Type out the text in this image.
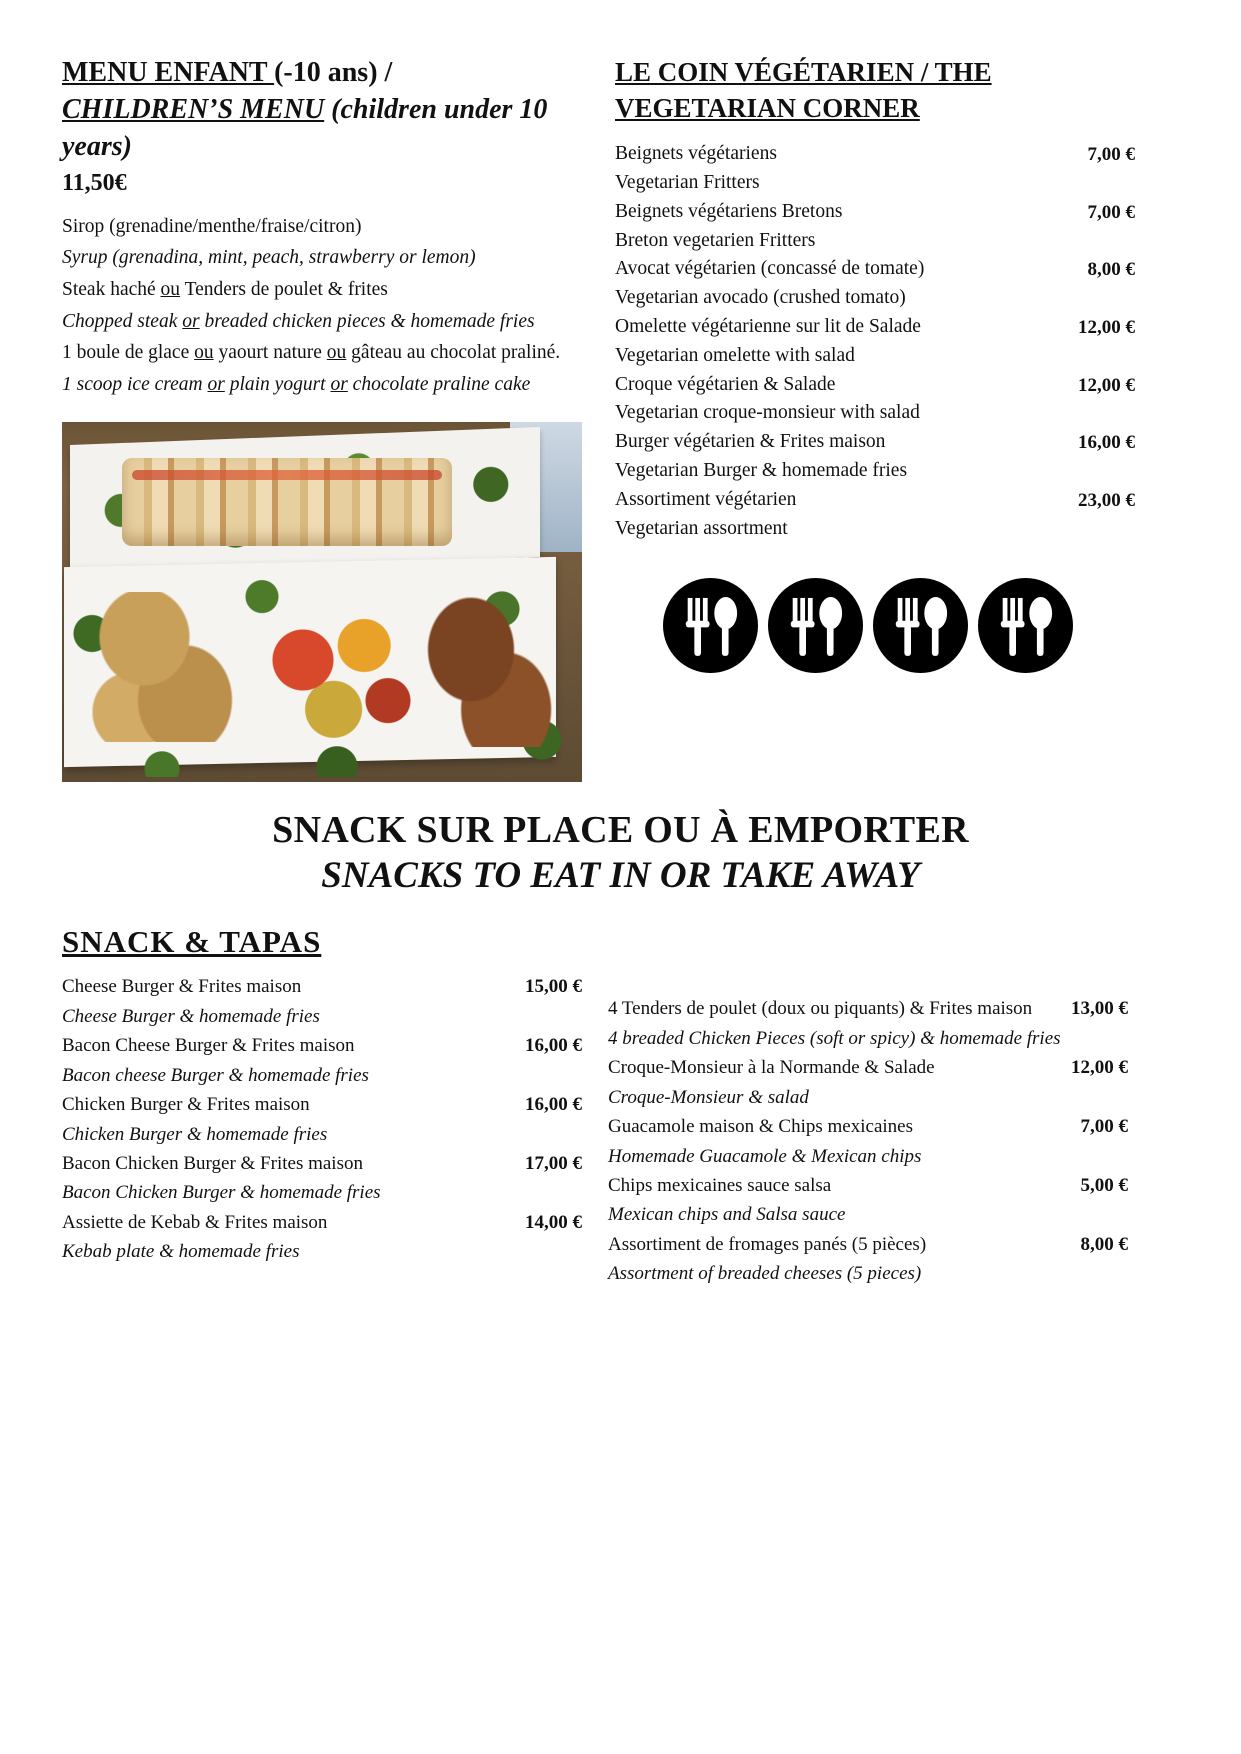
MENU ENFANT (-10 ans) /
CHILDREN’S MENU (children under 10 years)
11,50€

Sirop (grenadine/menthe/fraise/citron)

Syrup (grenadina, mint, peach, strawberry or lemon)

Steak haché ou Tenders de poulet & frites

Chopped steak or breaded chicken pieces & homemade fries

1 boule de glace ou yaourt nature ou gâteau au chocolat praliné.

1 scoop ice cream or plain yogurt or chocolate praline cake

LE COIN VÉGÉTARIEN / THE VEGETARIAN CORNER
Beignets végétariens	7,00 €
Vegetarian Fritters
Beignets végétariens Bretons	7,00 €
Breton vegetarien Fritters
Avocat végétarien (concassé de tomate)	8,00 €
Vegetarian avocado (crushed tomato)
Omelette végétarienne sur lit de Salade	12,00 €
Vegetarian omelette with salad
Croque végétarien & Salade	12,00 €
Vegetarian croque-monsieur with salad
Burger végétarien & Frites maison	16,00 €
Vegetarian Burger & homemade fries
Assortiment végétarien	23,00 €
Vegetarian assortment
SNACK SUR PLACE OU À EMPORTER
SNACKS TO EAT IN OR TAKE AWAY
SNACK & TAPAS
Cheese Burger & Frites maison	15,00 €
Cheese Burger & homemade fries
Bacon Cheese Burger & Frites maison	16,00 €
Bacon cheese Burger & homemade fries
Chicken Burger & Frites maison	16,00 €
Chicken Burger & homemade fries
Bacon Chicken Burger & Frites maison	17,00 €
Bacon Chicken Burger & homemade fries
Assiette de Kebab & Frites maison	14,00 €
Kebab plate & homemade fries
4 Tenders de poulet (doux ou piquants) & Frites maison	13,00 €
4 breaded Chicken Pieces (soft or spicy) & homemade fries
Croque-Monsieur à la Normande & Salade	12,00 €
Croque-Monsieur & salad
Guacamole maison & Chips mexicaines	7,00 €
Homemade Guacamole & Mexican chips
Chips mexicaines sauce salsa	5,00 €
Mexican chips and Salsa sauce
Assortiment de fromages panés (5 pièces)	8,00 €
Assortment of breaded cheeses (5 pieces)
